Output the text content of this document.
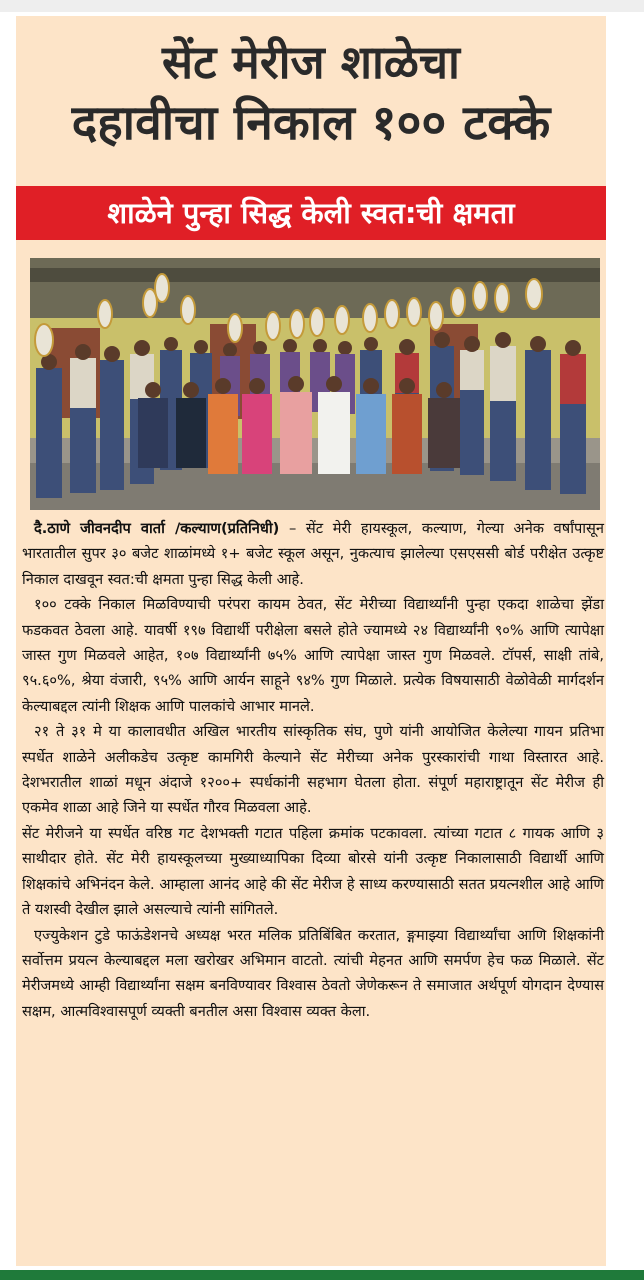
सेंट मेरीज शाळेचा
दहावीचा निकाल १०० टक्के
शाळेने पुन्हा सिद्ध केली स्वत:ची क्षमता

दै.ठाणे जीवनदीप वार्ता /कल्याण(प्रतिनिधी) – सेंट मेरी हायस्कूल, कल्याण, गेल्या अनेक वर्षांपासून भारतातील सुपर ३० बजेट शाळांमध्ये १+ बजेट स्कूल असून, नुकत्याच झालेल्या एसएससी बोर्ड परीक्षेत उत्कृष्ट निकाल दाखवून स्वत:ची क्षमता पुन्हा सिद्ध केली आहे.

१०० टक्के निकाल मिळविण्याची परंपरा कायम ठेवत, सेंट मेरीच्या विद्यार्थ्यांनी पुन्हा एकदा शाळेचा झेंडा फडकवत ठेवला आहे. यावर्षी १९७ विद्यार्थी परीक्षेला बसले होते ज्यामध्ये २४ विद्यार्थ्यांनी ९०% आणि त्यापेक्षा जास्त गुण मिळवले आहेत, १०७ विद्यार्थ्यांनी ७५% आणि त्यापेक्षा जास्त गुण मिळवले. टॉपर्स, साक्षी तांबे, ९५.६०%, श्रेया वंजारी, ९५% आणि आर्यन साहूने ९४% गुण मिळाले. प्रत्येक विषयासाठी वेळोवेळी मार्गदर्शन केल्याबद्दल त्यांनी शिक्षक आणि पालकांचे आभार मानले.

२१ ते ३१ मे या कालावधीत अखिल भारतीय सांस्कृतिक संघ, पुणे यांनी आयोजित केलेल्या गायन प्रतिभा स्पर्धेत शाळेने अलीकडेच उत्कृष्ट कामगिरी केल्याने सेंट मेरीच्या अनेक पुरस्कारांची गाथा विस्तारत आहे. देशभरातील शाळां मधून अंदाजे १२००+ स्पर्धकांनी सहभाग घेतला होता. संपूर्ण महाराष्ट्रातून सेंट मेरीज ही एकमेव शाळा आहे जिने या स्पर्धेत गौरव मिळवला आहे.

सेंट मेरीजने या स्पर्धेत वरिष्ठ गट देशभक्ती गटात पहिला क्रमांक पटकावला. त्यांच्या गटात ८ गायक आणि ३ साथीदार होते. सेंट मेरी हायस्कूलच्या मुख्याध्यापिका दिव्या बोरसे यांनी उत्कृष्ट निकालासाठी विद्यार्थी आणि शिक्षकांचे अभिनंदन केले. आम्हाला आनंद आहे की सेंट मेरीज हे साध्य करण्यासाठी सतत प्रयत्नशील आहे आणि ते यशस्वी देखील झाले असल्याचे त्यांनी सांगितले.

एज्युकेशन टुडे फाऊंडेशनचे अध्यक्ष भरत मलिक प्रतिबिंबित करतात, ङ्गमाझ्या विद्यार्थ्यांचा आणि शिक्षकांनी सर्वोत्तम प्रयत्न केल्याबद्दल मला खरोखर अभिमान वाटतो. त्यांची मेहनत आणि समर्पण हेच फळ मिळाले. सेंट मेरीजमध्ये आम्ही विद्यार्थ्यांना सक्षम बनविण्यावर विश्वास ठेवतो जेणेकरून ते समाजात अर्थपूर्ण योगदान देण्यास सक्षम, आत्मविश्वासपूर्ण व्यक्ती बनतील असा विश्वास व्यक्त केला.
